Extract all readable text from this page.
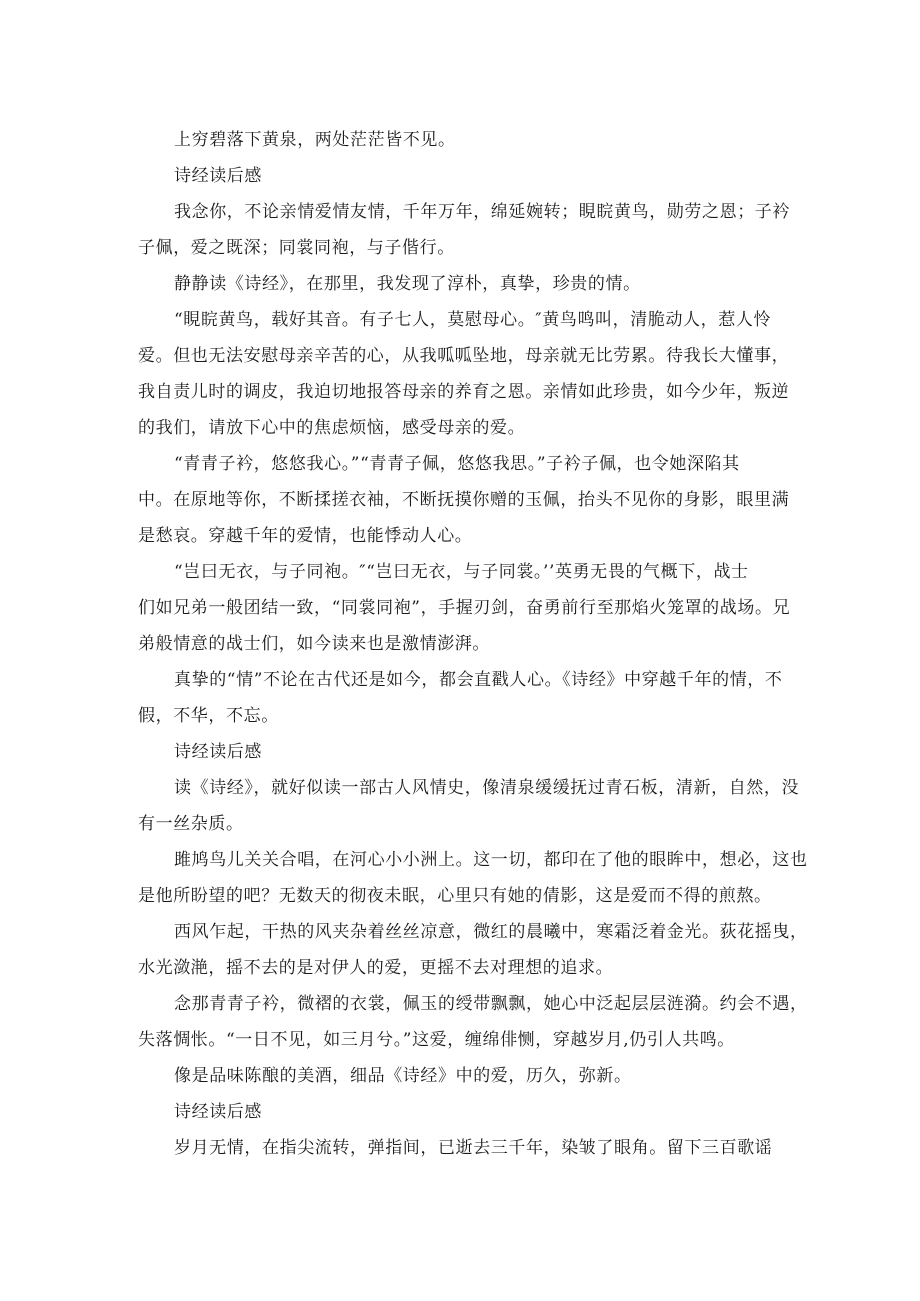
上穷碧落下黄泉，两处茫茫皆不见。
诗经读后感
我念你，不论亲情爱情友情，千年万年，绵延婉转；睍睆黄鸟，勋劳之恩；子衿
子佩，爱之既深；同裳同袍，与子偕行。
静静读《诗经》，在那里，我发现了淳朴，真挚，珍贵的情。
“睍睆黄鸟，载好其音。有子七人，莫慰母心。″黄鸟鸣叫，清脆动人，惹人怜
爱。但也无法安慰母亲辛苦的心，从我呱呱坠地，母亲就无比劳累。待我长大懂事，
我自责儿时的调皮，我迫切地报答母亲的养育之恩。亲情如此珍贵，如今少年，叛逆
的我们，请放下心中的焦虑烦恼，感受母亲的爱。
“青青子衿，悠悠我心。”“青青子佩，悠悠我思。”子衿子佩，也令她深陷其
中。在原地等你，不断揉搓衣袖，不断抚摸你赠的玉佩，抬头不见你的身影，眼里满
是愁哀。穿越千年的爱情，也能悸动人心。
“岂曰无衣，与子同袍。″“岂曰无衣，与子同裳。’’英勇无畏的气概下，战士
们如兄弟一般团结一致，“同裳同袍”，手握刃剑，奋勇前行至那焰火笼罩的战场。兄
弟般情意的战士们，如今读来也是激情澎湃。
真挚的“情”不论在古代还是如今，都会直戳人心。《诗经》中穿越千年的情，不
假，不华，不忘。
诗经读后感
读《诗经》，就好似读一部古人风情史，像清泉缓缓抚过青石板，清新，自然，没
有一丝杂质。
雎鸠鸟儿关关合唱，在河心小小洲上。这一切，都印在了他的眼眸中，想必，这也
是他所盼望的吧？无数天的彻夜未眠，心里只有她的倩影，这是爱而不得的煎熬。
西风乍起，干热的风夹杂着丝丝凉意，微红的晨曦中，寒霜泛着金光。荻花摇曳，
水光潋滟，摇不去的是对伊人的爱，更摇不去对理想的追求。
念那青青子衿，微褶的衣裳，佩玉的绶带飘飘，她心中泛起层层涟漪。约会不遇，
失落惆怅。“一日不见，如三月兮。”这爱，缠绵俳恻，穿越岁月,仍引人共鸣。
像是品味陈酿的美酒，细品《诗经》中的爱，历久，弥新。
诗经读后感
岁月无情，在指尖流转，弹指间，已逝去三千年，染皱了眼角。留下三百歌谣
